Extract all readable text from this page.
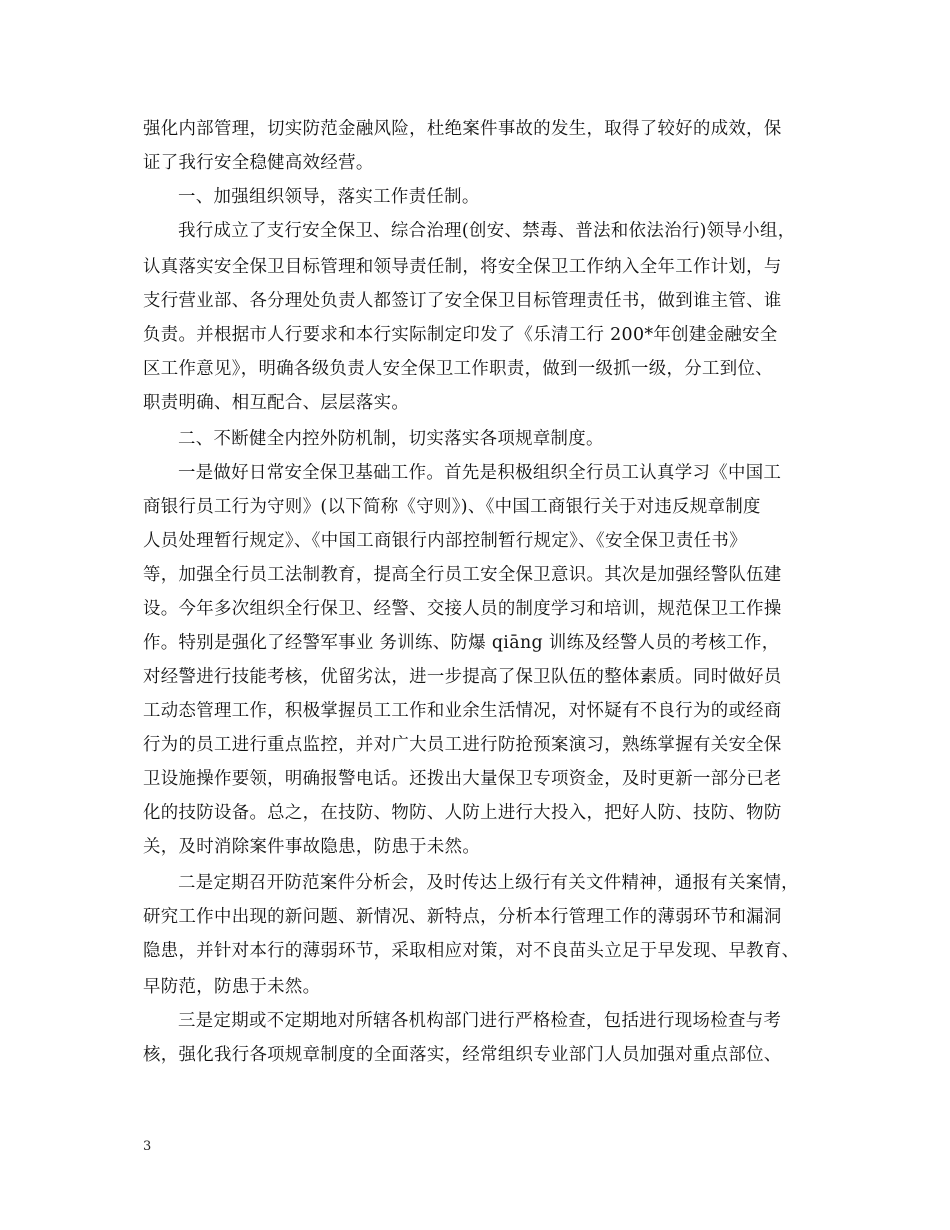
强化内部管理，切实防范金融风险，杜绝案件事故的发生，取得了较好的成效，保
证了我行安全稳健高效经营。
一、加强组织领导，落实工作责任制。
我行成立了支行安全保卫、综合治理(创安、禁毒、普法和依法治行)领导小组，
认真落实安全保卫目标管理和领导责任制，将安全保卫工作纳入全年工作计划，与
支行营业部、各分理处负责人都签订了安全保卫目标管理责任书，做到谁主管、谁
负责。并根据市人行要求和本行实际制定印发了《乐清工行 200*年创建金融安全
区工作意见》，明确各级负责人安全保卫工作职责，做到一级抓一级，分工到位、
职责明确、相互配合、层层落实。
二、不断健全内控外防机制，切实落实各项规章制度。
一是做好日常安全保卫基础工作。首先是积极组织全行员工认真学习《中国工
商银行员工行为守则》(以下简称《守则》)、《中国工商银行关于对违反规章制度
人员处理暂行规定》、《中国工商银行内部控制暂行规定》、《安全保卫责任书》
等，加强全行员工法制教育，提高全行员工安全保卫意识。其次是加强经警队伍建
设。今年多次组织全行保卫、经警、交接人员的制度学习和培训，规范保卫工作操
作。特别是强化了经警军事业 务训练、防爆 qiāng 训练及经警人员的考核工作，
对经警进行技能考核，优留劣汰，进一步提高了保卫队伍的整体素质。同时做好员
工动态管理工作，积极掌握员工工作和业余生活情况，对怀疑有不良行为的或经商
行为的员工进行重点监控，并对广大员工进行防抢预案演习，熟练掌握有关安全保
卫设施操作要领，明确报警电话。还拨出大量保卫专项资金，及时更新一部分已老
化的技防设备。总之，在技防、物防、人防上进行大投入，把好人防、技防、物防
关，及时消除案件事故隐患，防患于未然。
二是定期召开防范案件分析会，及时传达上级行有关文件精神，通报有关案情，
研究工作中出现的新问题、新情况、新特点，分析本行管理工作的薄弱环节和漏洞
隐患，并针对本行的薄弱环节，采取相应对策，对不良苗头立足于早发现、早教育、
早防范，防患于未然。
三是定期或不定期地对所辖各机构部门进行严格检查，包括进行现场检查与考
核，强化我行各项规章制度的全面落实，经常组织专业部门人员加强对重点部位、
3
